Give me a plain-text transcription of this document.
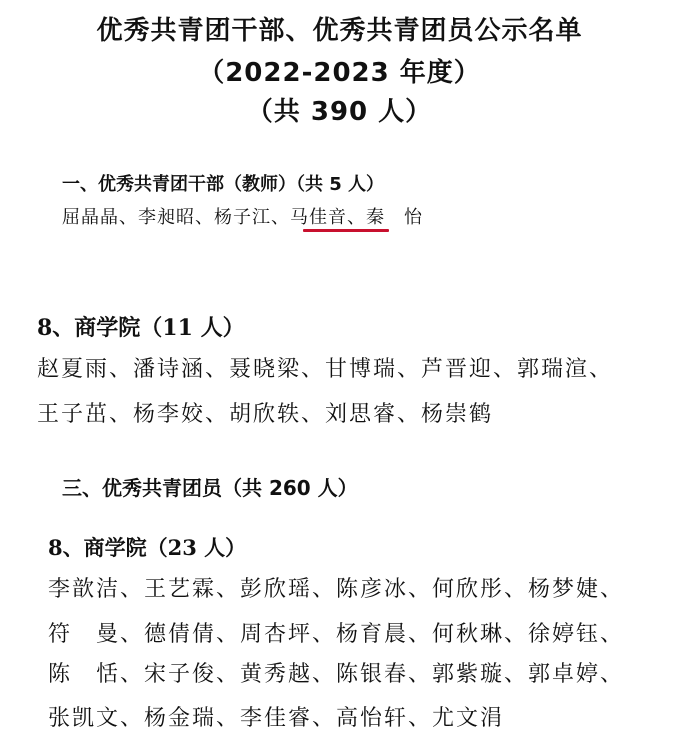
优秀共青团干部、优秀共青团员公示名单
（2022-2023 年度）
（共 390 人）
一、优秀共青团干部（教师）（共 5 人）
屈晶晶、李昶昭、杨子江、马佳音、秦　怡
8、商学院（11 人）
赵夏雨、潘诗涵、聂晓梁、甘博瑞、芦晋迎、郭瑞渲、
王子茁、杨李姣、胡欣轶、刘思睿、杨崇鹤
三、优秀共青团员（共 260 人）
8、商学院（23 人）
李歆洁、王艺霖、彭欣瑶、陈彦冰、何欣彤、杨梦婕、
符　曼、德倩倩、周杏坪、杨育晨、何秋琳、徐婷钰、
陈　恬、宋子俊、黄秀越、陈银春、郭紫璇、郭卓婷、
张凯文、杨金瑞、李佳睿、高怡轩、尤文涓
